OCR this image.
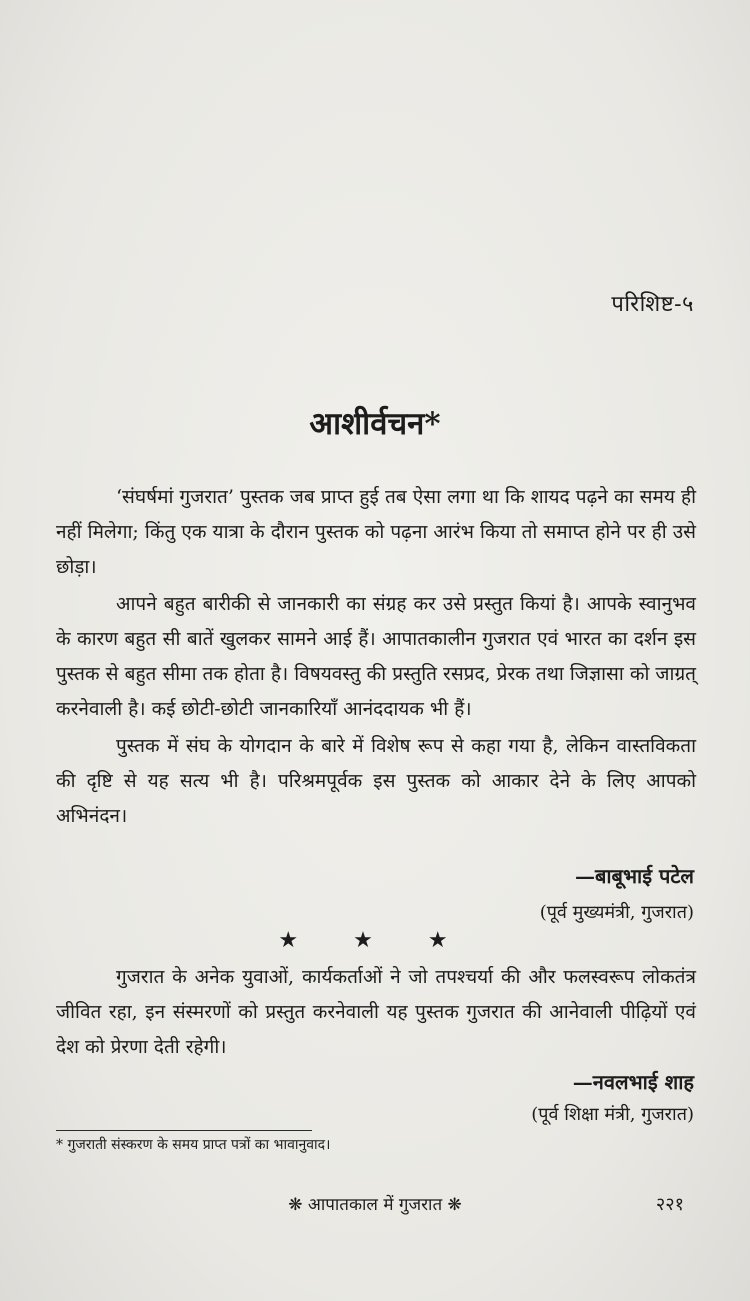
परिशिष्ट-५
आशीर्वचन*

‘संघर्षमां गुजरात’ पुस्तक जब प्राप्त हुई तब ऐसा लगा था कि शायद पढ़ने का समय ही नहीं मिलेगा; किंतु एक यात्रा के दौरान पुस्तक को पढ़ना आरंभ किया तो समाप्त होने पर ही उसे छोड़ा।

आपने बहुत बारीकी से जानकारी का संग्रह कर उसे प्रस्तुत कियां है। आपके स्वानुभव के कारण बहुत सी बातें खुलकर सामने आई हैं। आपातकालीन गुजरात एवं भारत का दर्शन इस पुस्तक से बहुत सीमा तक होता है। विषयवस्तु की प्रस्तुति रसप्रद, प्रेरक तथा जिज्ञासा को जाग्रत् करनेवाली है। कई छोटी-छोटी जानकारियाँ आनंददायक भी हैं।

पुस्तक में संघ के योगदान के बारे में विशेष रूप से कहा गया है, लेकिन वास्तविकता की दृष्टि से यह सत्य भी है। परिश्रमपूर्वक इस पुस्तक को आकार देने के लिए आपको अभिनंदन।

—बाबूभाई पटेल
(पूर्व मुख्यमंत्री, गुजरात)
★ ★ ★

गुजरात के अनेक युवाओं, कार्यकर्ताओं ने जो तपश्चर्या की और फलस्वरूप लोकतंत्र जीवित रहा, इन संस्मरणों को प्रस्तुत करनेवाली यह पुस्तक गुजरात की आनेवाली पीढ़ियों एवं देश को प्रेरणा देती रहेगी।

—नवलभाई शाह
(पूर्व शिक्षा मंत्री, गुजरात)
* गुजराती संस्करण के समय प्राप्त पत्रों का भावानुवाद।
❋ आपातकाल में गुजरात ❋	२२१
